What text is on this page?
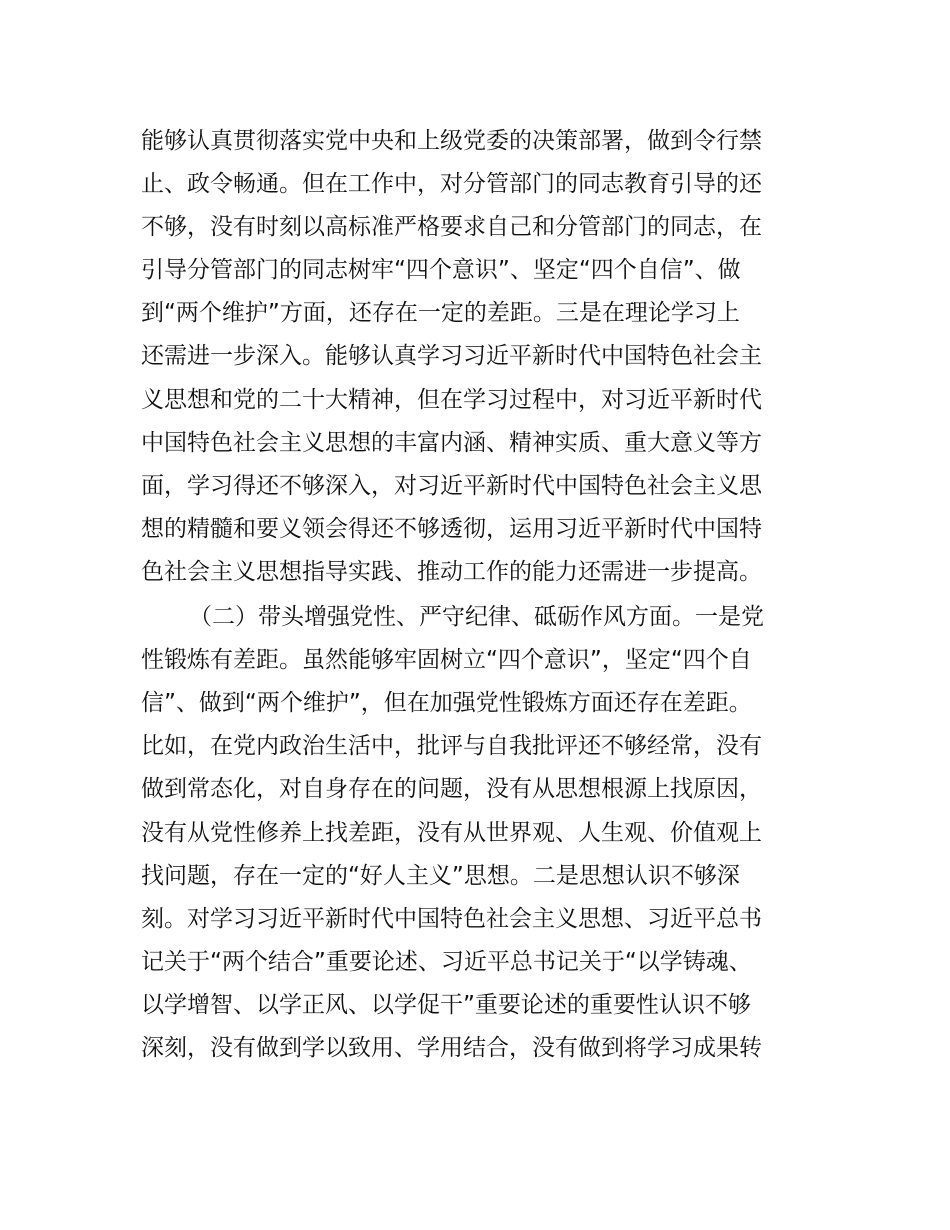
能够认真贯彻落实党中央和上级党委的决策部署，做到令行禁
止、政令畅通。但在工作中，对分管部门的同志教育引导的还
不够，没有时刻以高标准严格要求自己和分管部门的同志，在
引导分管部门的同志树牢“四个意识”、坚定“四个自信”、做
到“两个维护”方面，还存在一定的差距。三是在理论学习上
还需进一步深入。能够认真学习习近平新时代中国特色社会主
义思想和党的二十大精神，但在学习过程中，对习近平新时代
中国特色社会主义思想的丰富内涵、精神实质、重大意义等方
面，学习得还不够深入，对习近平新时代中国特色社会主义思
想的精髓和要义领会得还不够透彻，运用习近平新时代中国特
色社会主义思想指导实践、推动工作的能力还需进一步提高。
（二）带头增强党性、严守纪律、砥砺作风方面。一是党
性锻炼有差距。虽然能够牢固树立“四个意识”，坚定“四个自
信”、做到“两个维护”，但在加强党性锻炼方面还存在差距。
比如，在党内政治生活中，批评与自我批评还不够经常，没有
做到常态化，对自身存在的问题，没有从思想根源上找原因，
没有从党性修养上找差距，没有从世界观、人生观、价值观上
找问题，存在一定的“好人主义”思想。二是思想认识不够深
刻。对学习习近平新时代中国特色社会主义思想、习近平总书
记关于“两个结合”重要论述、习近平总书记关于“以学铸魂、
以学增智、以学正风、以学促干”重要论述的重要性认识不够
深刻，没有做到学以致用、学用结合，没有做到将学习成果转
